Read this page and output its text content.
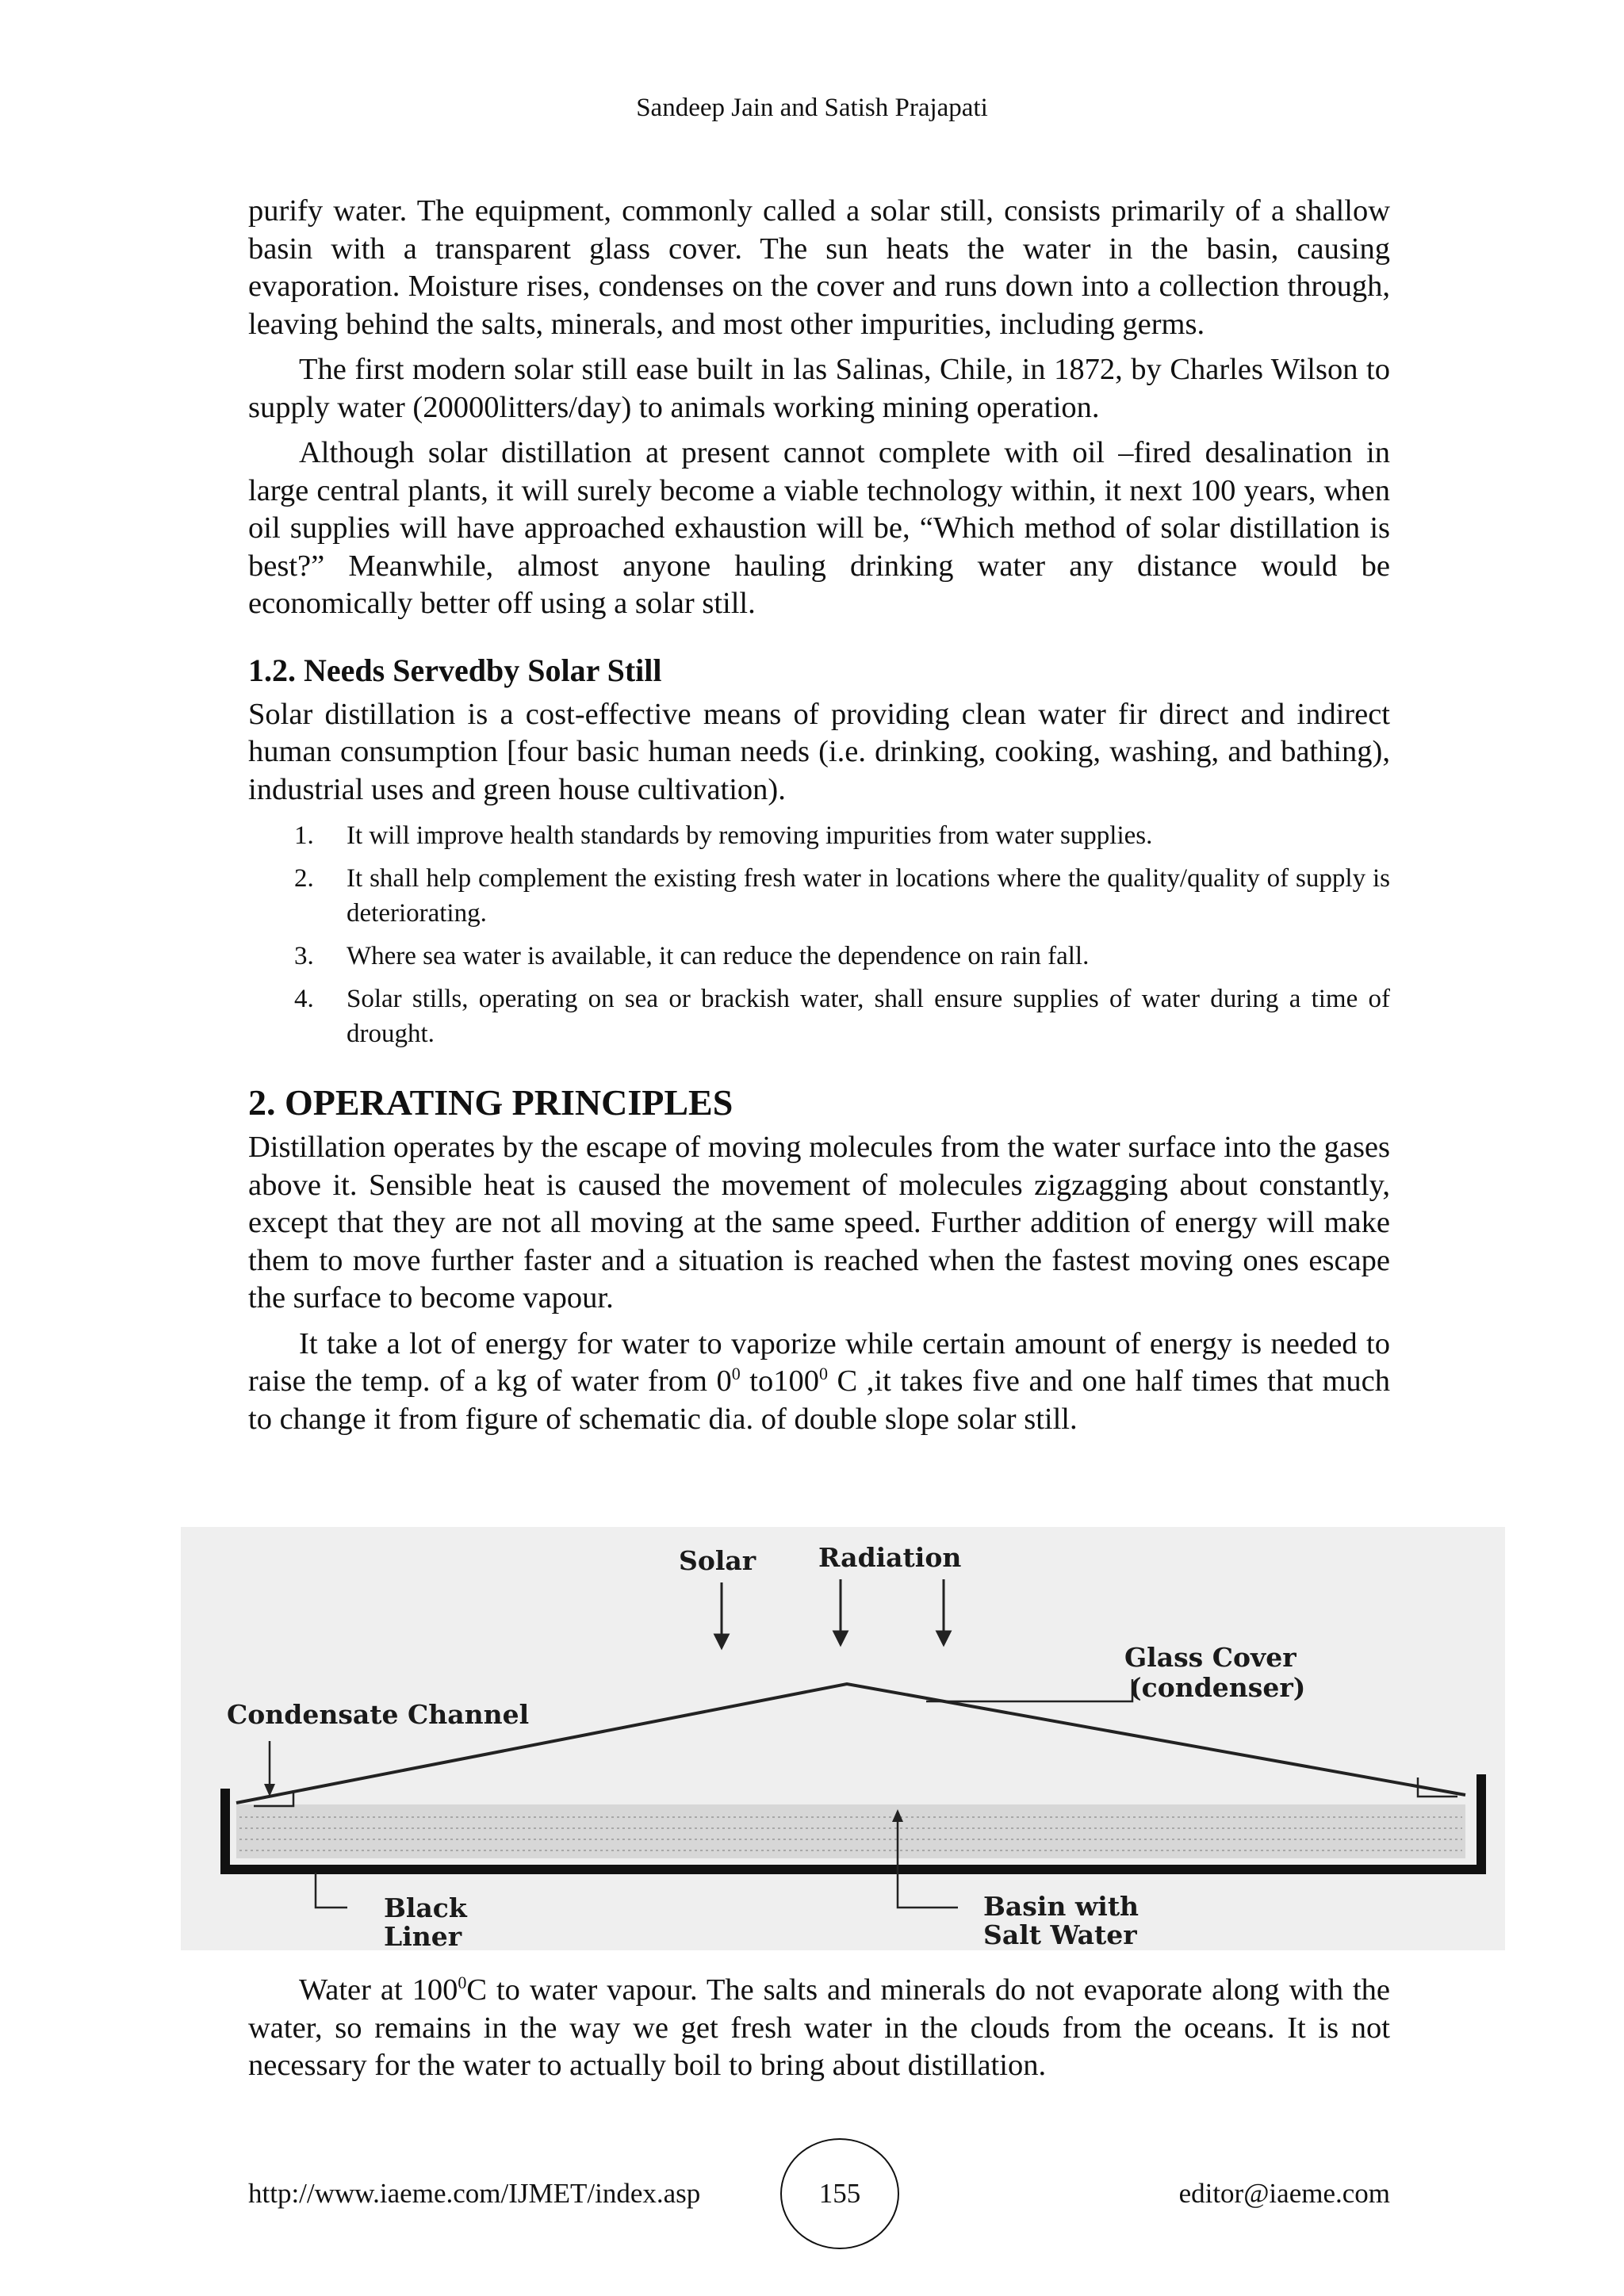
Sandeep Jain and Satish Prajapati

purify water. The equipment, commonly called a solar still, consists primarily of a shallow basin with a transparent glass cover. The sun heats the water in the basin, causing evaporation. Moisture rises, condenses on the cover and runs down into a collection through, leaving behind the salts, minerals, and most other impurities, including germs.

The first modern solar still ease built in las Salinas, Chile, in 1872, by Charles Wilson to supply water (20000litters/day) to animals working mining operation.

Although solar distillation at present cannot complete with oil –fired desalination in large central plants, it will surely become a viable technology within, it next 100 years, when oil supplies will have approached exhaustion will be, “Which method of solar distillation is best?” Meanwhile, almost anyone hauling drinking water any distance would be economically better off using a solar still.

1.2. Needs Servedby Solar Still

Solar distillation is a cost-effective means of providing clean water fir direct and indirect human consumption [four basic human needs (i.e. drinking, cooking, washing, and bathing), industrial uses and green house cultivation).

1. It will improve health standards by removing impurities from water supplies.
2. It shall help complement the existing fresh water in locations where the quality/quality of supply is deteriorating.
3. Where sea water is available, it can reduce the dependence on rain fall.
4. Solar stills, operating on sea or brackish water, shall ensure supplies of water during a time of drought.
2. OPERATING PRINCIPLES

Distillation operates by the escape of moving molecules from the water surface into the gases above it. Sensible heat is caused the movement of molecules zigzagging about constantly, except that they are not all moving at the same speed. Further addition of energy will make them to move further faster and a situation is reached when the fastest moving ones escape the surface to become vapour.

It take a lot of energy for water to vaporize while certain amount of energy is needed to raise the temp. of a kg of water from $0^0$ $to100^0$ C ,it takes five and one half times that much to change it from figure of schematic dia. of double slope solar still.

Solar Radiation
Glass Cover
(condenser)
Condensate Channel
Black
Liner
Basin with
Salt Water

Water at $100^0C$ to water vapour. The salts and minerals do not evaporate along with the water, so remains in the way we get fresh water in the clouds from the oceans. It is not necessary for the water to actually boil to bring about distillation.

http://www.iaeme.com/IJMET/index.asp	155	editor@iaeme.com
